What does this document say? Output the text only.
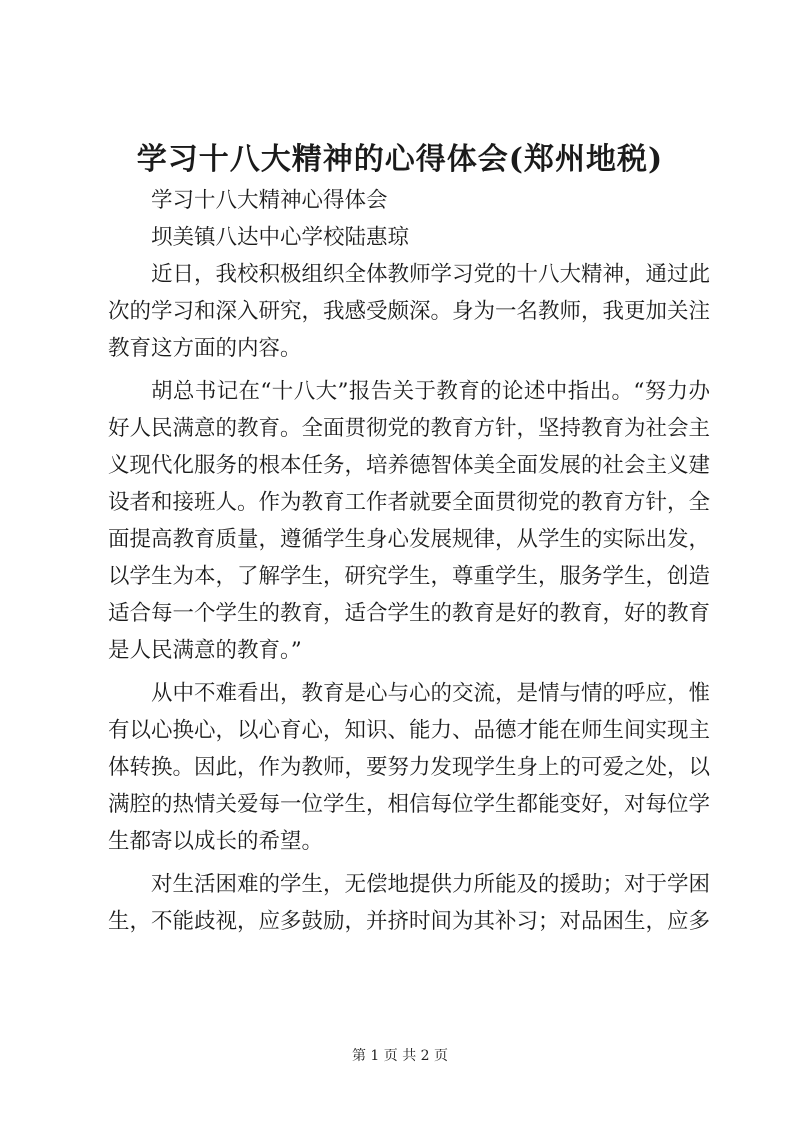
学习十八大精神的心得体会(郑州地税)

学习十八大精神心得体会

坝美镇八达中心学校陆惠琼

近日，我校积极组织全体教师学习党的十八大精神，通过此次的学习和深入研究，我感受颇深。身为一名教师，我更加关注教育这方面的内容。

胡总书记在“十八大”报告关于教育的论述中指出。“努力办好人民满意的教育。全面贯彻党的教育方针，坚持教育为社会主义现代化服务的根本任务，培养德智体美全面发展的社会主义建设者和接班人。作为教育工作者就要全面贯彻党的教育方针，全面提高教育质量，遵循学生身心发展规律，从学生的实际出发，以学生为本，了解学生，研究学生，尊重学生，服务学生，创造适合每一个学生的教育，适合学生的教育是好的教育，好的教育是人民满意的教育。”

从中不难看出，教育是心与心的交流，是情与情的呼应，惟有以心换心，以心育心，知识、能力、品德才能在师生间实现主体转换。因此，作为教师，要努力发现学生身上的可爱之处，以满腔的热情关爱每一位学生，相信每位学生都能变好，对每位学生都寄以成长的希望。

对生活困难的学生，无偿地提供力所能及的援助；对于学困生，不能歧视，应多鼓励，并挤时间为其补习；对品困生，应多

第 1 页 共 2 页
